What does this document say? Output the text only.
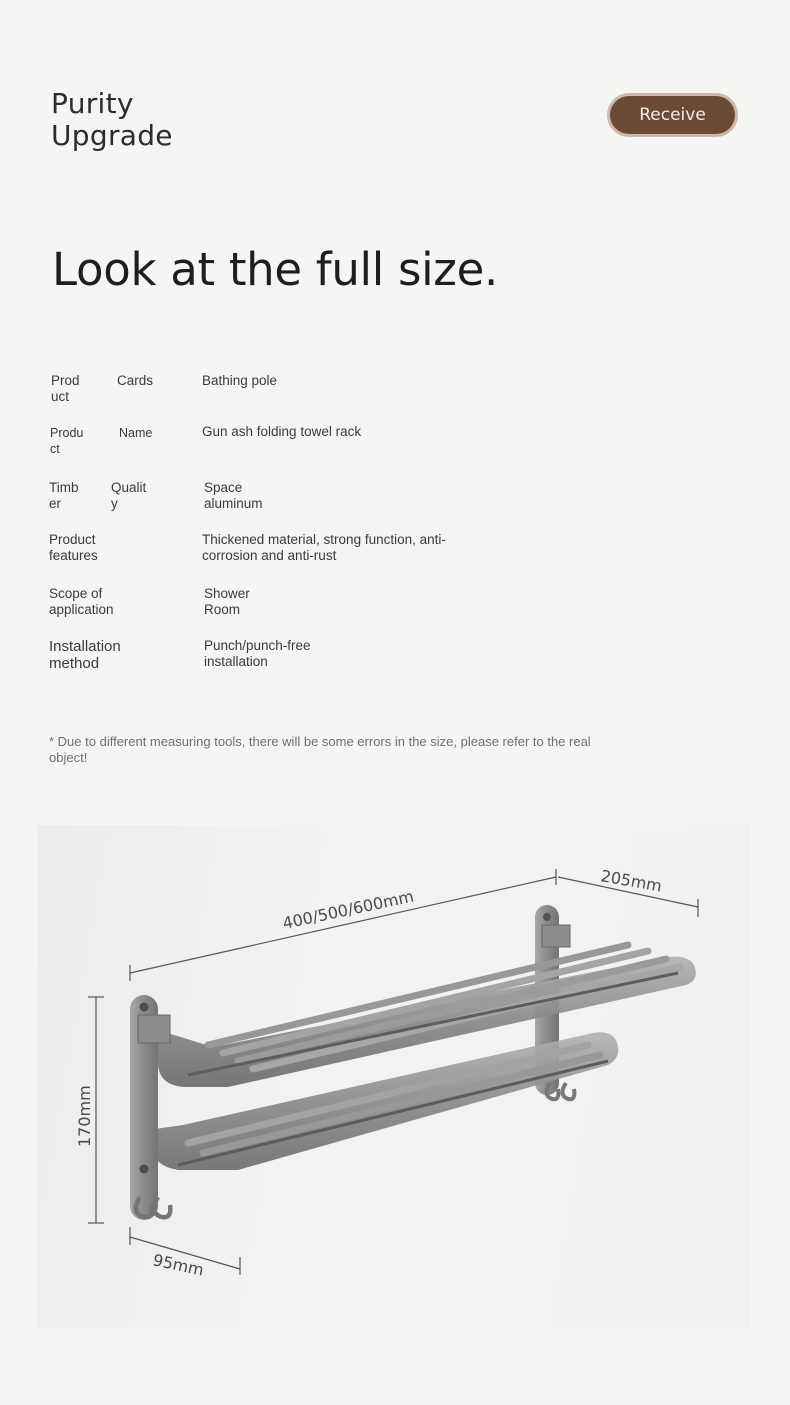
Purity
Upgrade
Receive
Look at the full size.
Prod
uct
Cards	Bathing pole
Produ
ct
Name	Gun ash folding towel rack
Timb
er
Qualit
y
Space
aluminum
Product
features
Thickened material, strong function, anti-
corrosion and anti-rust
Scope of
application
Shower
Room
Installation
method
Punch/punch-free
installation
* Due to different measuring tools, there will be some errors in the size, please refer to the real object!
400/500/600mm
205mm
170mm
95mm
